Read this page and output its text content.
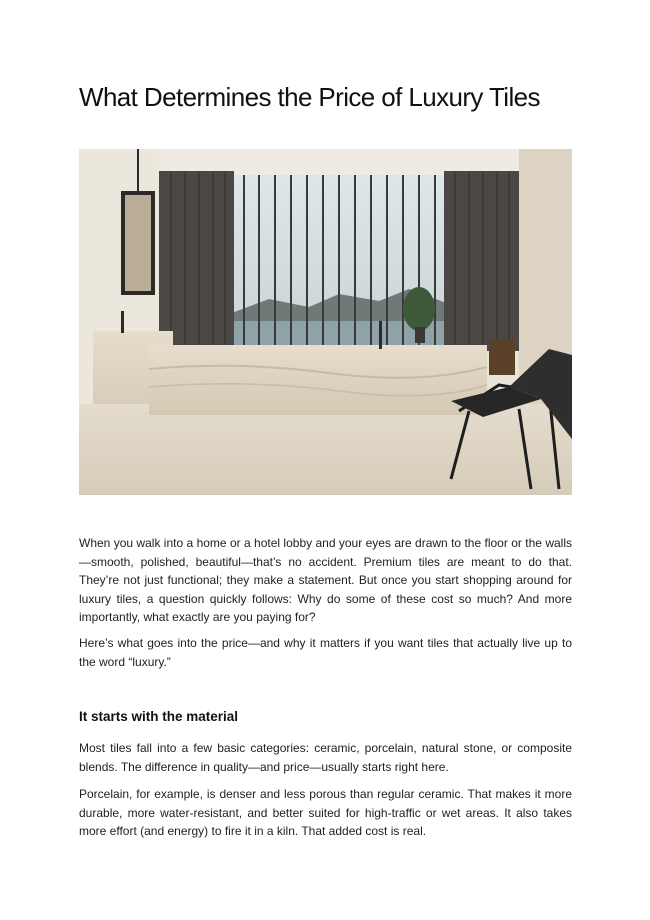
What Determines the Price of Luxury Tiles

When you walk into a home or a hotel lobby and your eyes are drawn to the floor or the walls—smooth, polished, beautiful—that’s no accident. Premium tiles are meant to do that. They’re not just functional; they make a statement. But once you start shopping around for luxury tiles, a question quickly follows: Why do some of these cost so much? And more importantly, what exactly are you paying for?

Here’s what goes into the price—and why it matters if you want tiles that actually live up to the word “luxury.”

It starts with the material

Most tiles fall into a few basic categories: ceramic, porcelain, natural stone, or composite blends. The difference in quality—and price—usually starts right here.

Porcelain, for example, is denser and less porous than regular ceramic. That makes it more durable, more water-resistant, and better suited for high-traffic or wet areas. It also takes more effort (and energy) to fire it in a kiln. That added cost is real.
